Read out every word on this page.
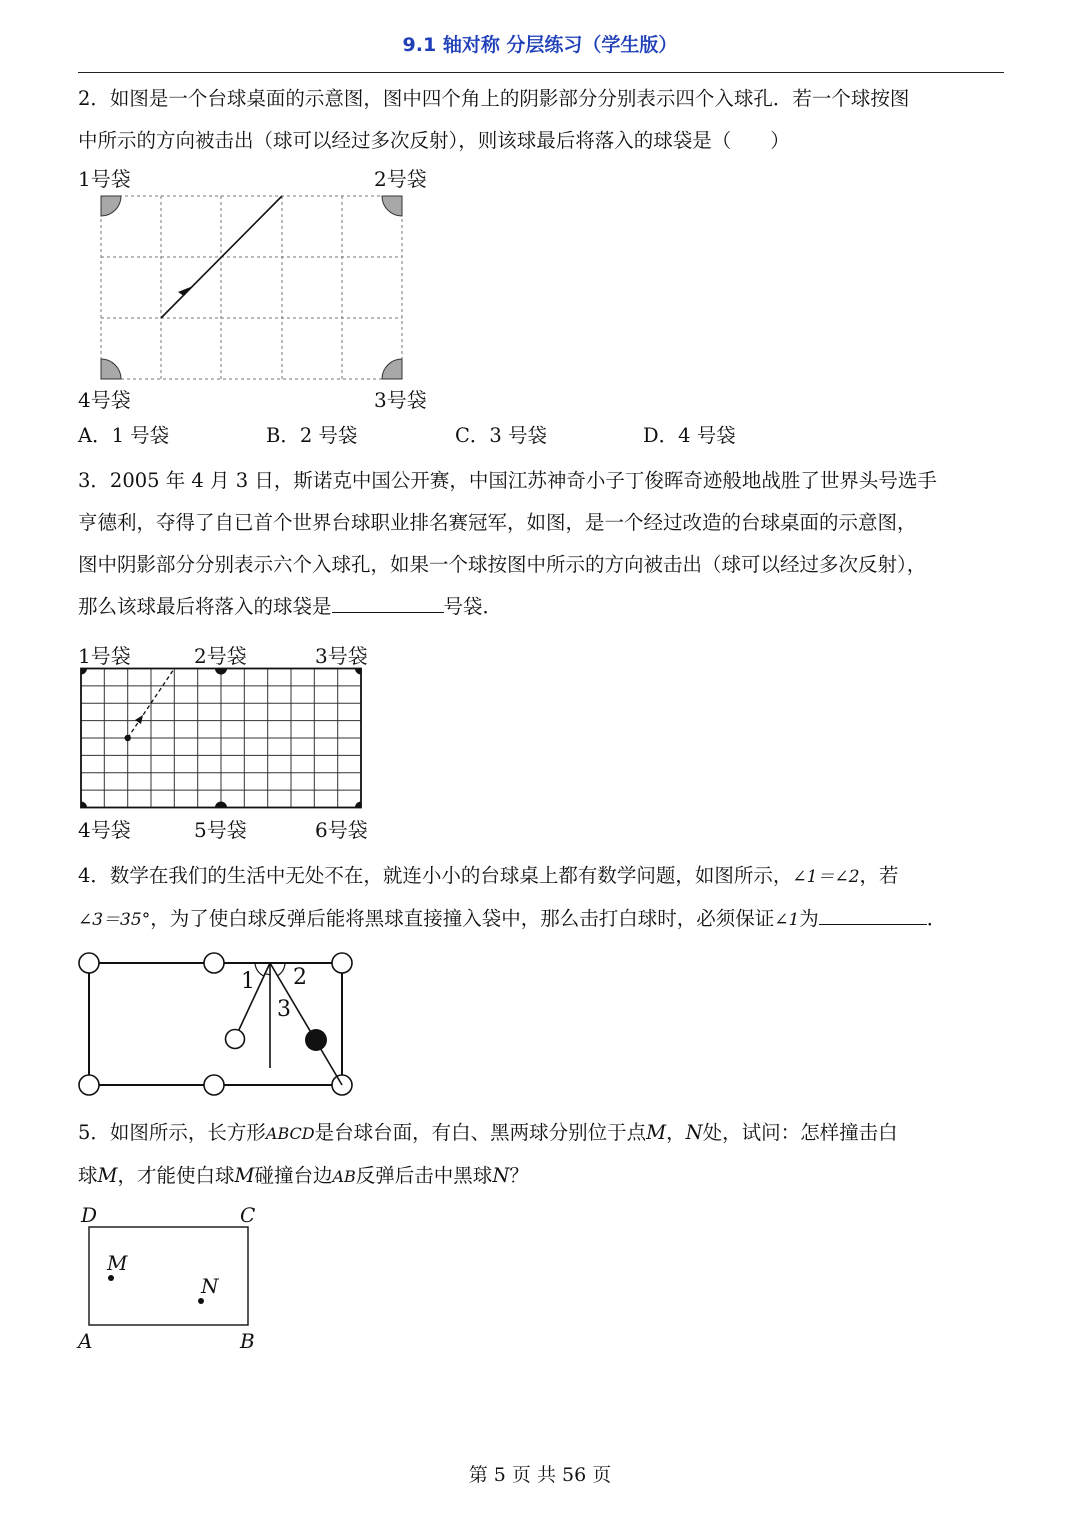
9.1 轴对称 分层练习（学生版）
2．如图是一个台球桌面的示意图，图中四个角上的阴影部分分别表示四个入球孔．若一个球按图
中所示的方向被击出（球可以经过多次反射），则该球最后将落入的球袋是（　　）
1号袋	2号袋
3号袋
4号袋
A．1 号袋	B．2 号袋	C．3 号袋	D．4 号袋
3．2005 年 4 月 3 日，斯诺克中国公开赛，中国江苏神奇小子丁俊晖奇迹般地战胜了世界头号选手
亨德利，夺得了自已首个世界台球职业排名赛冠军，如图，是一个经过改造的台球桌面的示意图，
图中阴影部分分别表示六个入球孔，如果一个球按图中所示的方向被击出（球可以经过多次反射），
那么该球最后将落入的球袋是	号袋．
1号袋	2号袋	3号袋
4号袋	5号袋	6号袋
4．数学在我们的生活中无处不在，就连小小的台球桌上都有数学问题，如图所示，∠1＝∠2，若
∠3＝35°，为了使白球反弹后能将黑球直接撞入袋中，那么击打白球时，必须保证∠1为	．
1 2
3
5．如图所示，长方形ABCD是台球台面，有白、黑两球分别位于点M，N处，试问：怎样撞击白
球M，才能使白球M碰撞台边AB反弹后击中黑球N？
D	C
A	B
M
N
第 5 页 共 56 页
